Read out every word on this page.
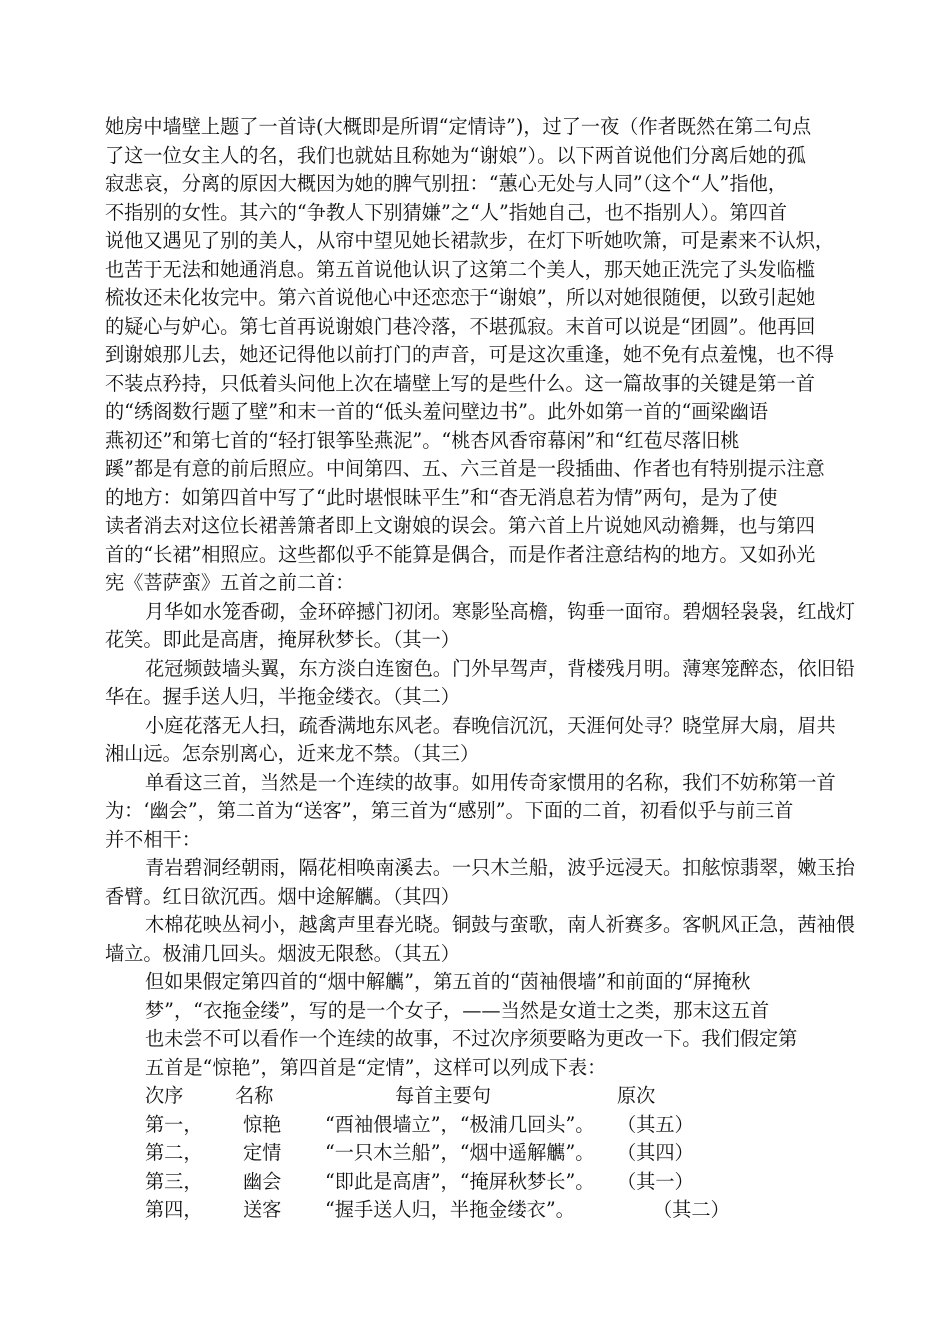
她房中墙壁上题了一首诗(大概即是所谓“定情诗”)，过了一夜（作者既然在第二句点
了这一位女主人的名，我们也就姑且称她为“谢娘”）。以下两首说他们分离后她的孤
寂悲哀，分离的原因大概因为她的脾气别扭：“蕙心无处与人同”（这个“人”指他，
不指别的女性。其六的“争教人下别猜嫌”之“人”指她自己，也不指别人）。第四首
说他又遇见了别的美人，从帘中望见她长裙款步，在灯下听她吹箫，可是素来不认炽，
也苦于无法和她通消息。第五首说他认识了这第二个美人，那天她正洗完了头发临槛
梳妆还未化妆完中。第六首说他心中还恋恋于“谢娘”，所以对她很随便，以致引起她
的疑心与妒心。第七首再说谢娘门巷冷落，不堪孤寂。末首可以说是“团圆”。他再回
到谢娘那儿去，她还记得他以前打门的声音，可是这次重逢，她不免有点羞愧，也不得
不装点矜持，只低着头问他上次在墙壁上写的是些什么。这一篇故事的关键是第一首
的“绣阁数行题了壁”和末一首的“低头羞问壁边书”。此外如第一首的“画梁幽语
燕初还”和第七首的“轻打银筝坠燕泥”。“桃杏风香帘幕闲”和“红苞尽落旧桃
蹊”都是有意的前后照应。中间第四、五、六三首是一段插曲、作者也有特别提示注意
的地方：如第四首中写了“此时堪恨昧平生”和“杳无消息若为情”两句，是为了使
读者消去对这位长裙善箫者即上文谢娘的误会。第六首上片说她风动襜舞，也与第四
首的“长裙”相照应。这些都似乎不能算是偶合，而是作者注意结构的地方。又如孙光
宪《菩萨蛮》五首之前二首：
月华如水笼香砌，金环碎撼门初闭。寒影坠高檐，钩垂一面帘。碧烟轻袅袅，红战灯
花笑。即此是高唐，掩屏秋梦长。（其一）
花冠频鼓墙头翼，东方淡白连窗色。门外早驾声，背楼残月明。薄寒笼醉态，依旧铅
华在。握手送人归，半拖金缕衣。（其二）
小庭花落无人扫，疏香满地东风老。春晚信沉沉，天涯何处寻？晓堂屏大扇，眉共
湘山远。怎奈别离心，近来龙不禁。（其三）
单看这三首，当然是一个连续的故事。如用传奇家惯用的名称，我们不妨称第一首
为：‘幽会”，第二首为“送客”，第三首为“感别”。下面的二首，初看似乎与前三首
并不相干：
青岩碧洞经朝雨，隔花相唤南溪去。一只木兰船，波乎远浸天。扣舷惊翡翠，嫩玉抬
香臂。红日欲沉西。烟中途解觽。（其四）
木棉花映丛祠小，越禽声里春光晓。铜鼓与蛮歌，南人祈赛多。客帆风正急，茜袖偎
墙立。极浦几回头。烟波无限愁。（其五）
但如果假定第四首的“烟中解觽”，第五首的“茵袖偎墙”和前面的“屏掩秋
梦”，“衣拖金缕”，写的是一个女子，——当然是女道士之类，那末这五首
也未尝不可以看作一个连续的故事，不过次序须要略为更改一下。我们假定第
五首是“惊艳”，第四首是“定情”，这样可以列成下表：
次序	名称	每首主要句	原次
第一， 惊艳 “酉袖偎墙立”，“极浦几回头”。 （其五）
第二， 定情 “一只木兰船”，“烟中遥解觽”。 （其四）
第三， 幽会 “即此是高唐”，“掩屏秋梦长”。 （其一）
第四， 送客 “握手送人归，半拖金缕衣”。	（其二）
